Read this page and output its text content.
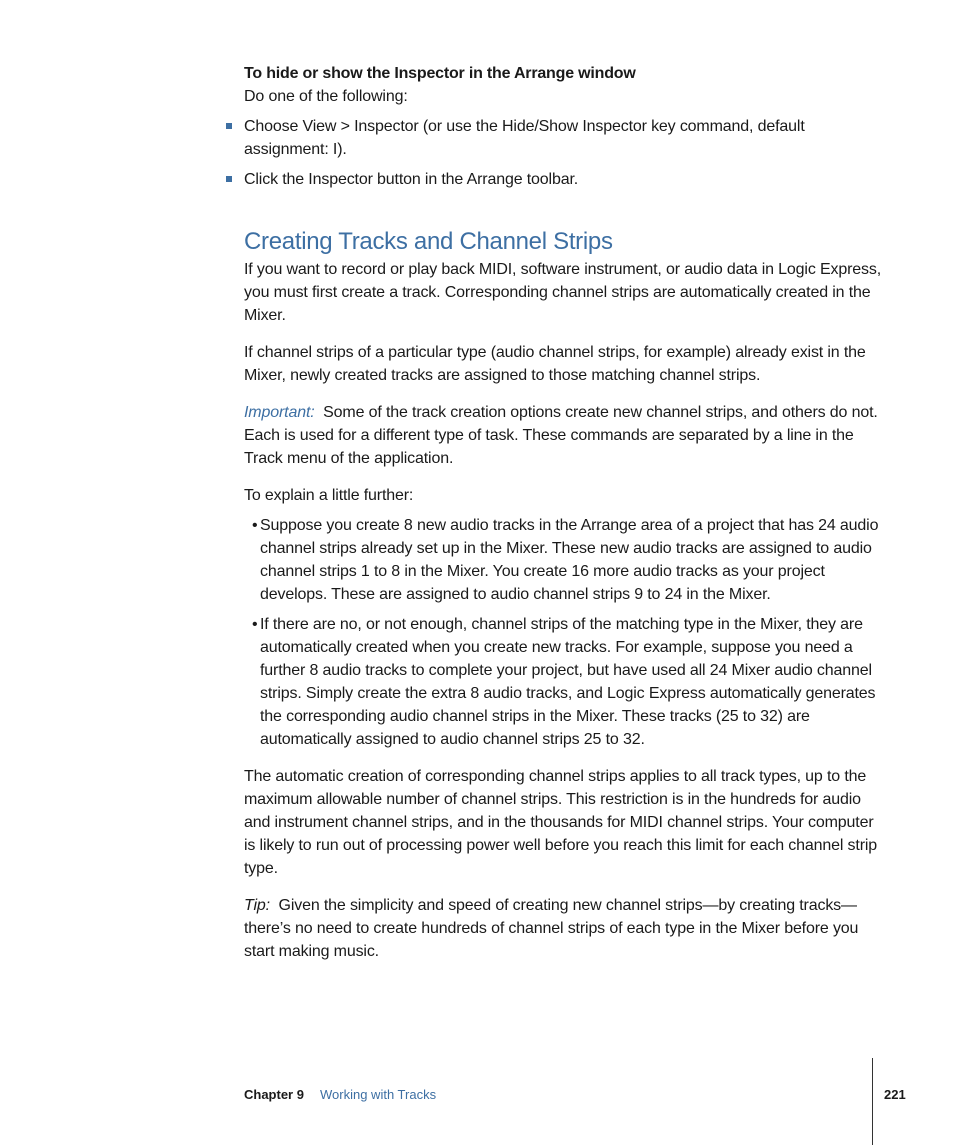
To hide or show the Inspector in the Arrange window
Do one of the following:
Choose View > Inspector (or use the Hide/Show Inspector key command, default assignment: I).
Click the Inspector button in the Arrange toolbar.
Creating Tracks and Channel Strips
If you want to record or play back MIDI, software instrument, or audio data in Logic Express, you must first create a track. Corresponding channel strips are automatically created in the Mixer.
If channel strips of a particular type (audio channel strips, for example) already exist in the Mixer, newly created tracks are assigned to those matching channel strips.
Important: Some of the track creation options create new channel strips, and others do not. Each is used for a different type of task. These commands are separated by a line in the Track menu of the application.
To explain a little further:
• Suppose you create 8 new audio tracks in the Arrange area of a project that has 24 audio channel strips already set up in the Mixer. These new audio tracks are assigned to audio channel strips 1 to 8 in the Mixer. You create 16 more audio tracks as your project develops. These are assigned to audio channel strips 9 to 24 in the Mixer.
• If there are no, or not enough, channel strips of the matching type in the Mixer, they are automatically created when you create new tracks. For example, suppose you need a further 8 audio tracks to complete your project, but have used all 24 Mixer audio channel strips. Simply create the extra 8 audio tracks, and Logic Express automatically generates the corresponding audio channel strips in the Mixer. These tracks (25 to 32) are automatically assigned to audio channel strips 25 to 32.
The automatic creation of corresponding channel strips applies to all track types, up to the maximum allowable number of channel strips. This restriction is in the hundreds for audio and instrument channel strips, and in the thousands for MIDI channel strips. Your computer is likely to run out of processing power well before you reach this limit for each channel strip type.
Tip: Given the simplicity and speed of creating new channel strips—by creating tracks—there’s no need to create hundreds of channel strips of each type in the Mixer before you start making music.
Chapter 9 Working with Tracks	221
